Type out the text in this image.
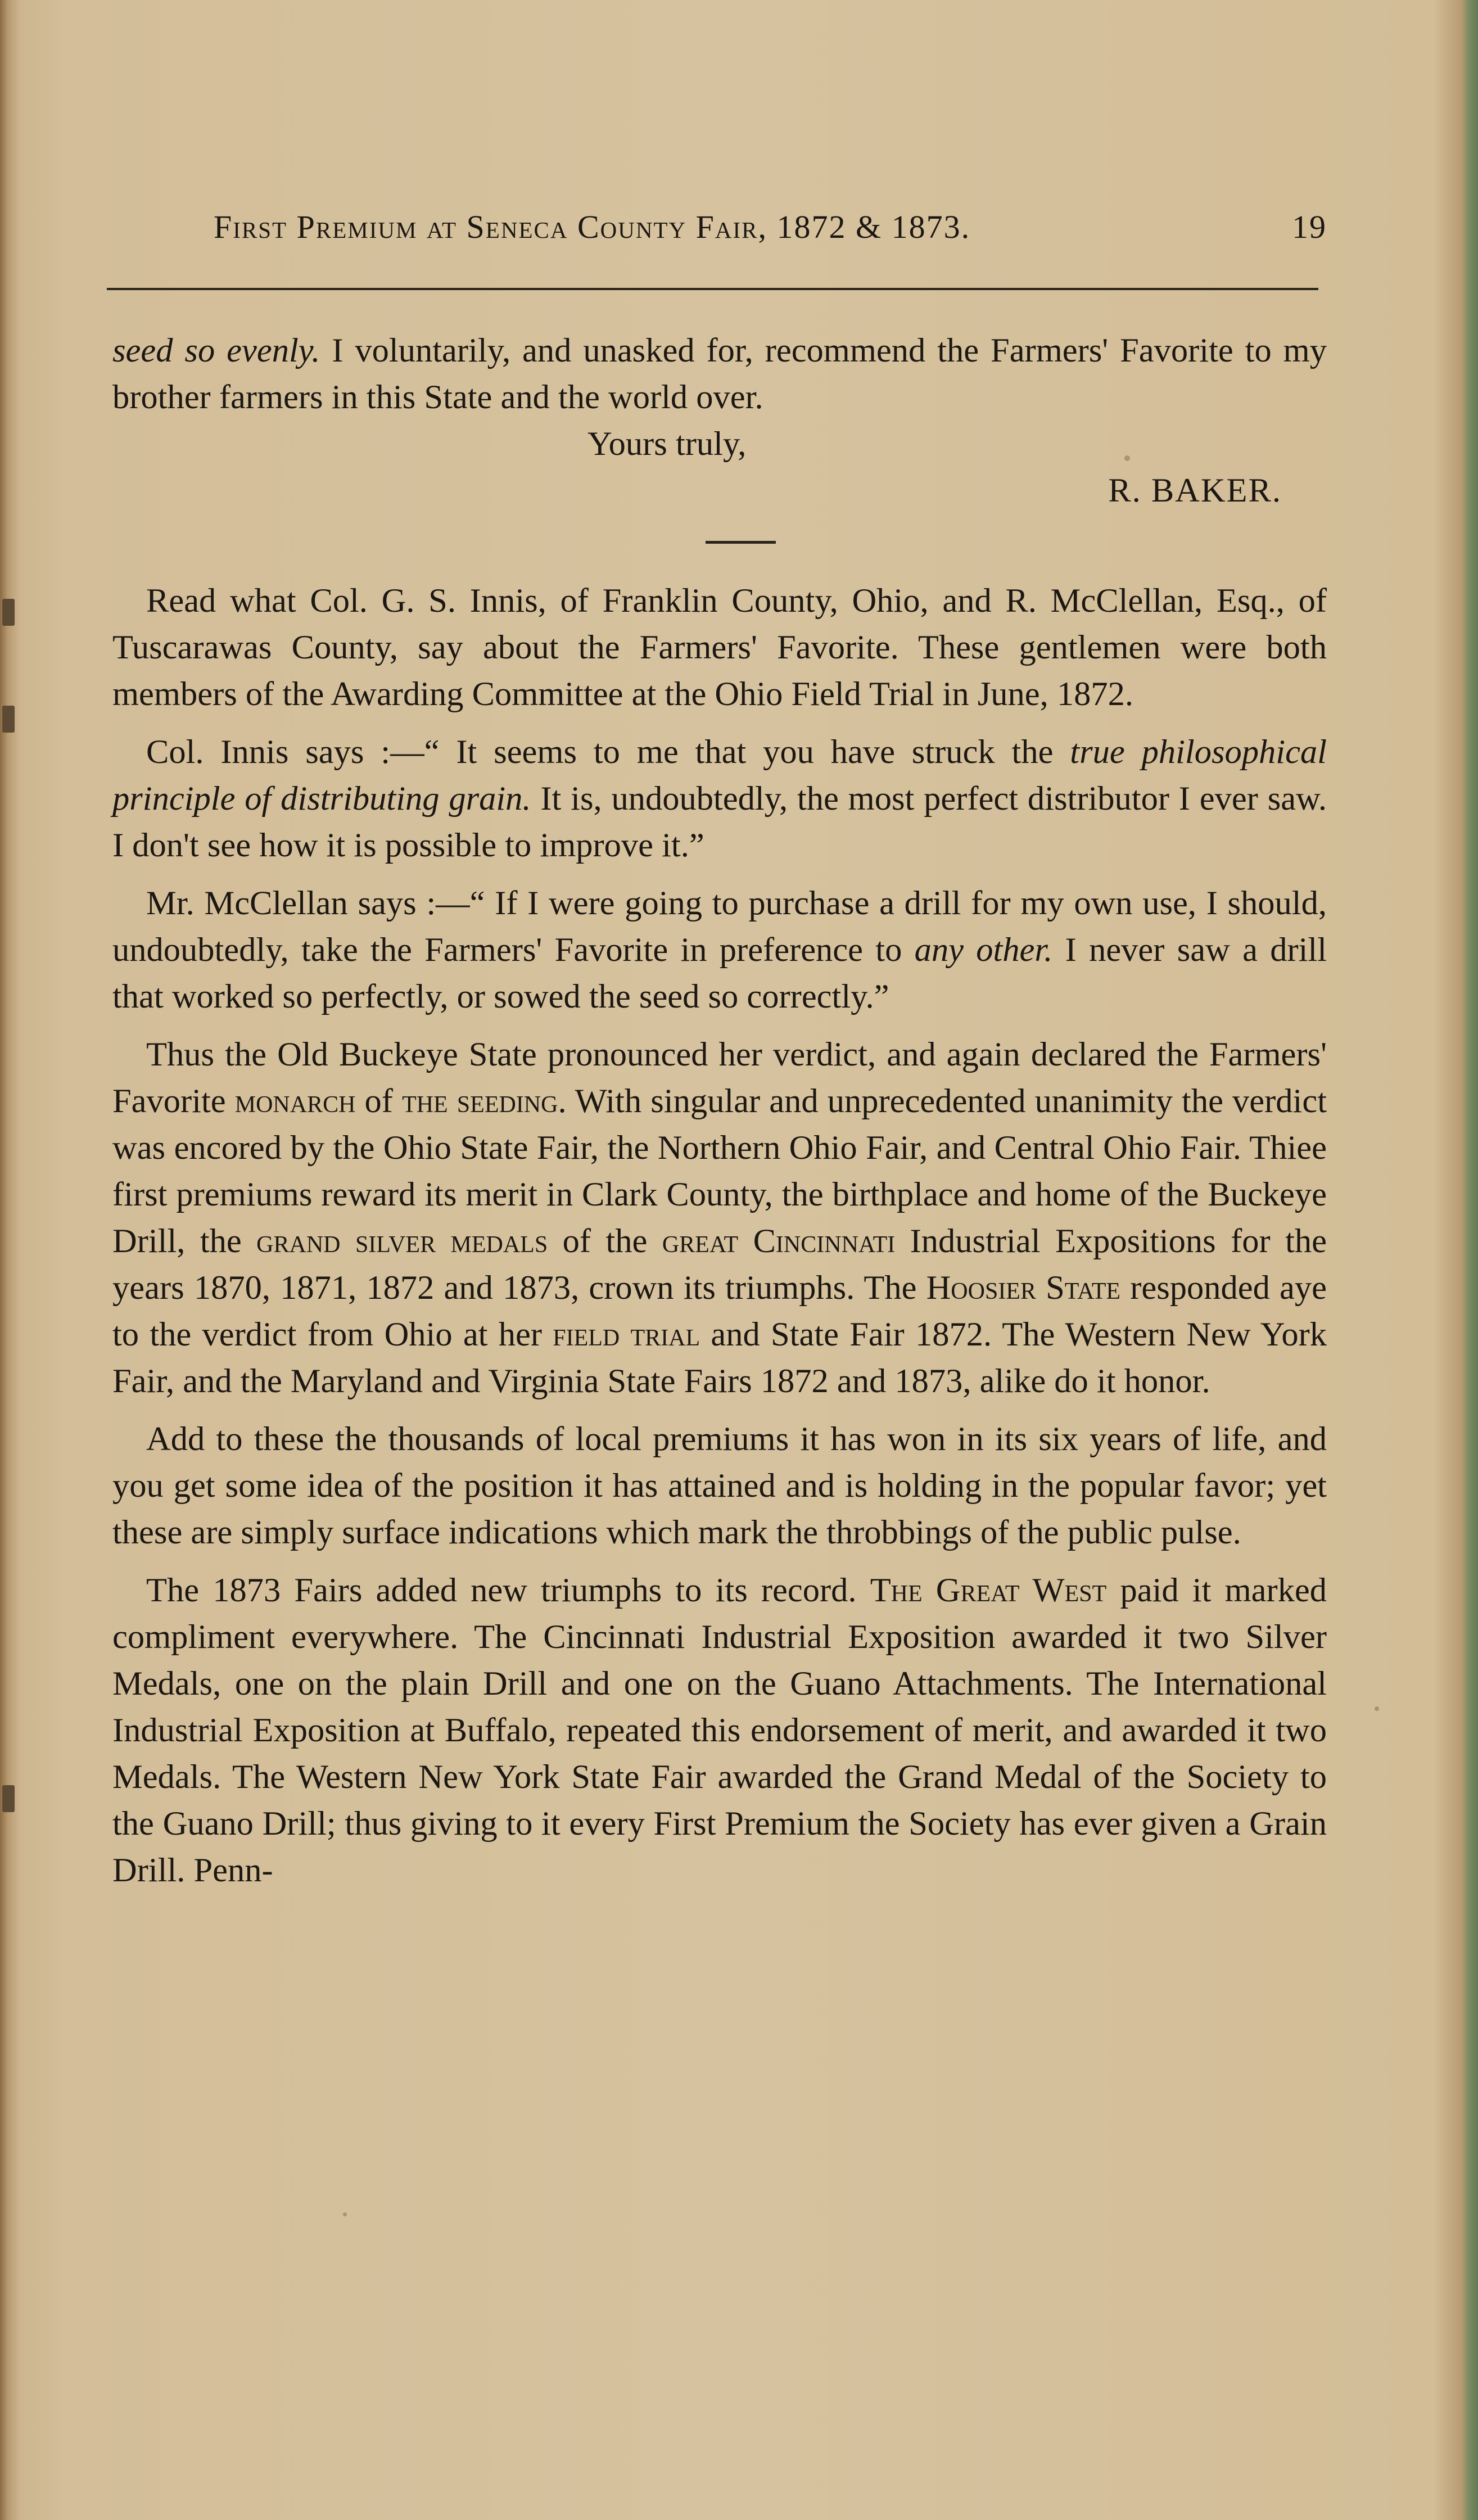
First Premium at Seneca County Fair, 1872 & 1873.	19

seed so evenly. I voluntarily, and unasked for, recommend the Farmers' Favorite to my brother farmers in this State and the world over.

Yours truly,

R. BAKER.

Read what Col. G. S. Innis, of Franklin County, Ohio, and R. McClellan, Esq., of Tuscarawas County, say about the Farmers' Favorite. These gentlemen were both members of the Awarding Committee at the Ohio Field Trial in June, 1872.

Col. Innis says :—“ It seems to me that you have struck the true philosophical principle of distributing grain. It is, undoubtedly, the most perfect distributor I ever saw. I don't see how it is possible to improve it.”

Mr. McClellan says :—“ If I were going to purchase a drill for my own use, I should, undoubtedly, take the Farmers' Favorite in preference to any other. I never saw a drill that worked so perfectly, or sowed the seed so correctly.”

Thus the Old Buckeye State pronounced her verdict, and again declared the Farmers' Favorite monarch of the seeding. With singular and unprecedented unanimity the verdict was encored by the Ohio State Fair, the Northern Ohio Fair, and Central Ohio Fair. Thiee first premiums reward its merit in Clark County, the birthplace and home of the Buckeye Drill, the grand silver medals of the great Cincinnati Industrial Expositions for the years 1870, 1871, 1872 and 1873, crown its triumphs. The Hoosier State responded aye to the verdict from Ohio at her field trial and State Fair 1872. The Western New York Fair, and the Maryland and Virginia State Fairs 1872 and 1873, alike do it honor.

Add to these the thousands of local premiums it has won in its six years of life, and you get some idea of the position it has attained and is holding in the popular favor; yet these are simply surface indications which mark the throbbings of the public pulse.

The 1873 Fairs added new triumphs to its record. The Great West paid it marked compliment everywhere. The Cincinnati Industrial Exposition awarded it two Silver Medals, one on the plain Drill and one on the Guano Attachments. The International Industrial Exposition at Buffalo, repeated this endorsement of merit, and awarded it two Medals. The Western New York State Fair awarded the Grand Medal of the Society to the Guano Drill; thus giving to it every First Premium the Society has ever given a Grain Drill. Penn-
